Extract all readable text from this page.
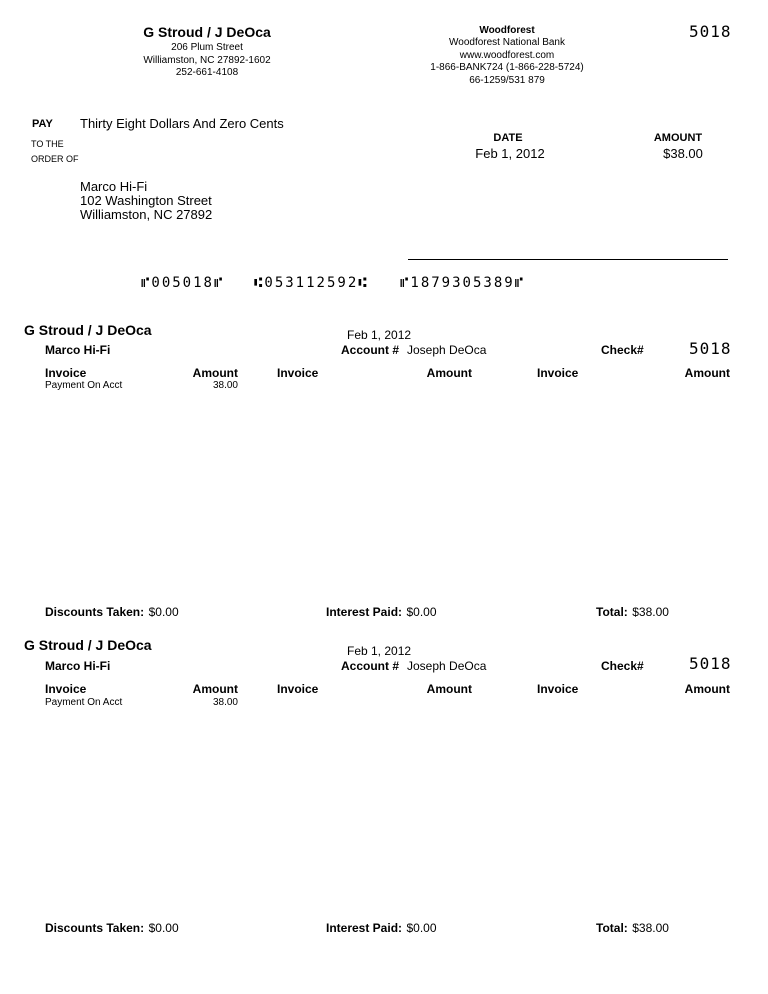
G Stroud / J DeOca
206 Plum Street
Williamston, NC 27892-1602
252-661-4108
Woodforest
Woodforest National Bank
www.woodforest.com
1-866-BANK724 (1-866-228-5724)
66-1259/531 879
5018
PAY Thirty Eight Dollars And Zero Cents
TO THE
ORDER OF
DATE
Feb 1, 2012
AMOUNT
$38.00
Marco Hi-Fi
102 Washington Street
Williamston, NC 27892
⑈005018⑈ ⑆053112592⑆ ⑈1879305389⑈
G Stroud / J DeOca	Feb 1, 2012
Marco Hi-Fi	Account # Joseph DeOca	Check#	5018
Invoice	Amount	Invoice	Amount	Invoice	Amount
Payment On Acct	38.00
Discounts Taken: $0.00	Interest Paid: $0.00	Total: $38.00
G Stroud / J DeOca	Feb 1, 2012
Marco Hi-Fi	Account # Joseph DeOca	Check#	5018
Invoice	Amount	Invoice	Amount	Invoice	Amount
Payment On Acct	38.00
Discounts Taken: $0.00	Interest Paid: $0.00	Total: $38.00
